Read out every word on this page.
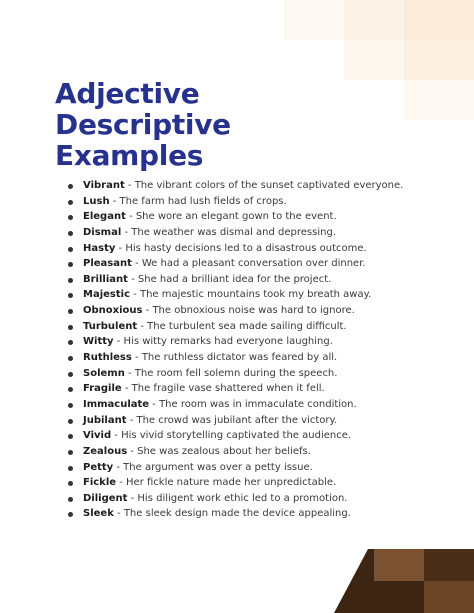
Adjective
Descriptive
Examples
Vibrant - The vibrant colors of the sunset captivated everyone.
Lush - The farm had lush fields of crops.
Elegant - She wore an elegant gown to the event.
Dismal - The weather was dismal and depressing.
Hasty - His hasty decisions led to a disastrous outcome.
Pleasant - We had a pleasant conversation over dinner.
Brilliant - She had a brilliant idea for the project.
Majestic - The majestic mountains took my breath away.
Obnoxious - The obnoxious noise was hard to ignore.
Turbulent - The turbulent sea made sailing difficult.
Witty - His witty remarks had everyone laughing.
Ruthless - The ruthless dictator was feared by all.
Solemn - The room fell solemn during the speech.
Fragile - The fragile vase shattered when it fell.
Immaculate - The room was in immaculate condition.
Jubilant - The crowd was jubilant after the victory.
Vivid - His vivid storytelling captivated the audience.
Zealous - She was zealous about her beliefs.
Petty - The argument was over a petty issue.
Fickle - Her fickle nature made her unpredictable.
Diligent - His diligent work ethic led to a promotion.
Sleek - The sleek design made the device appealing.
